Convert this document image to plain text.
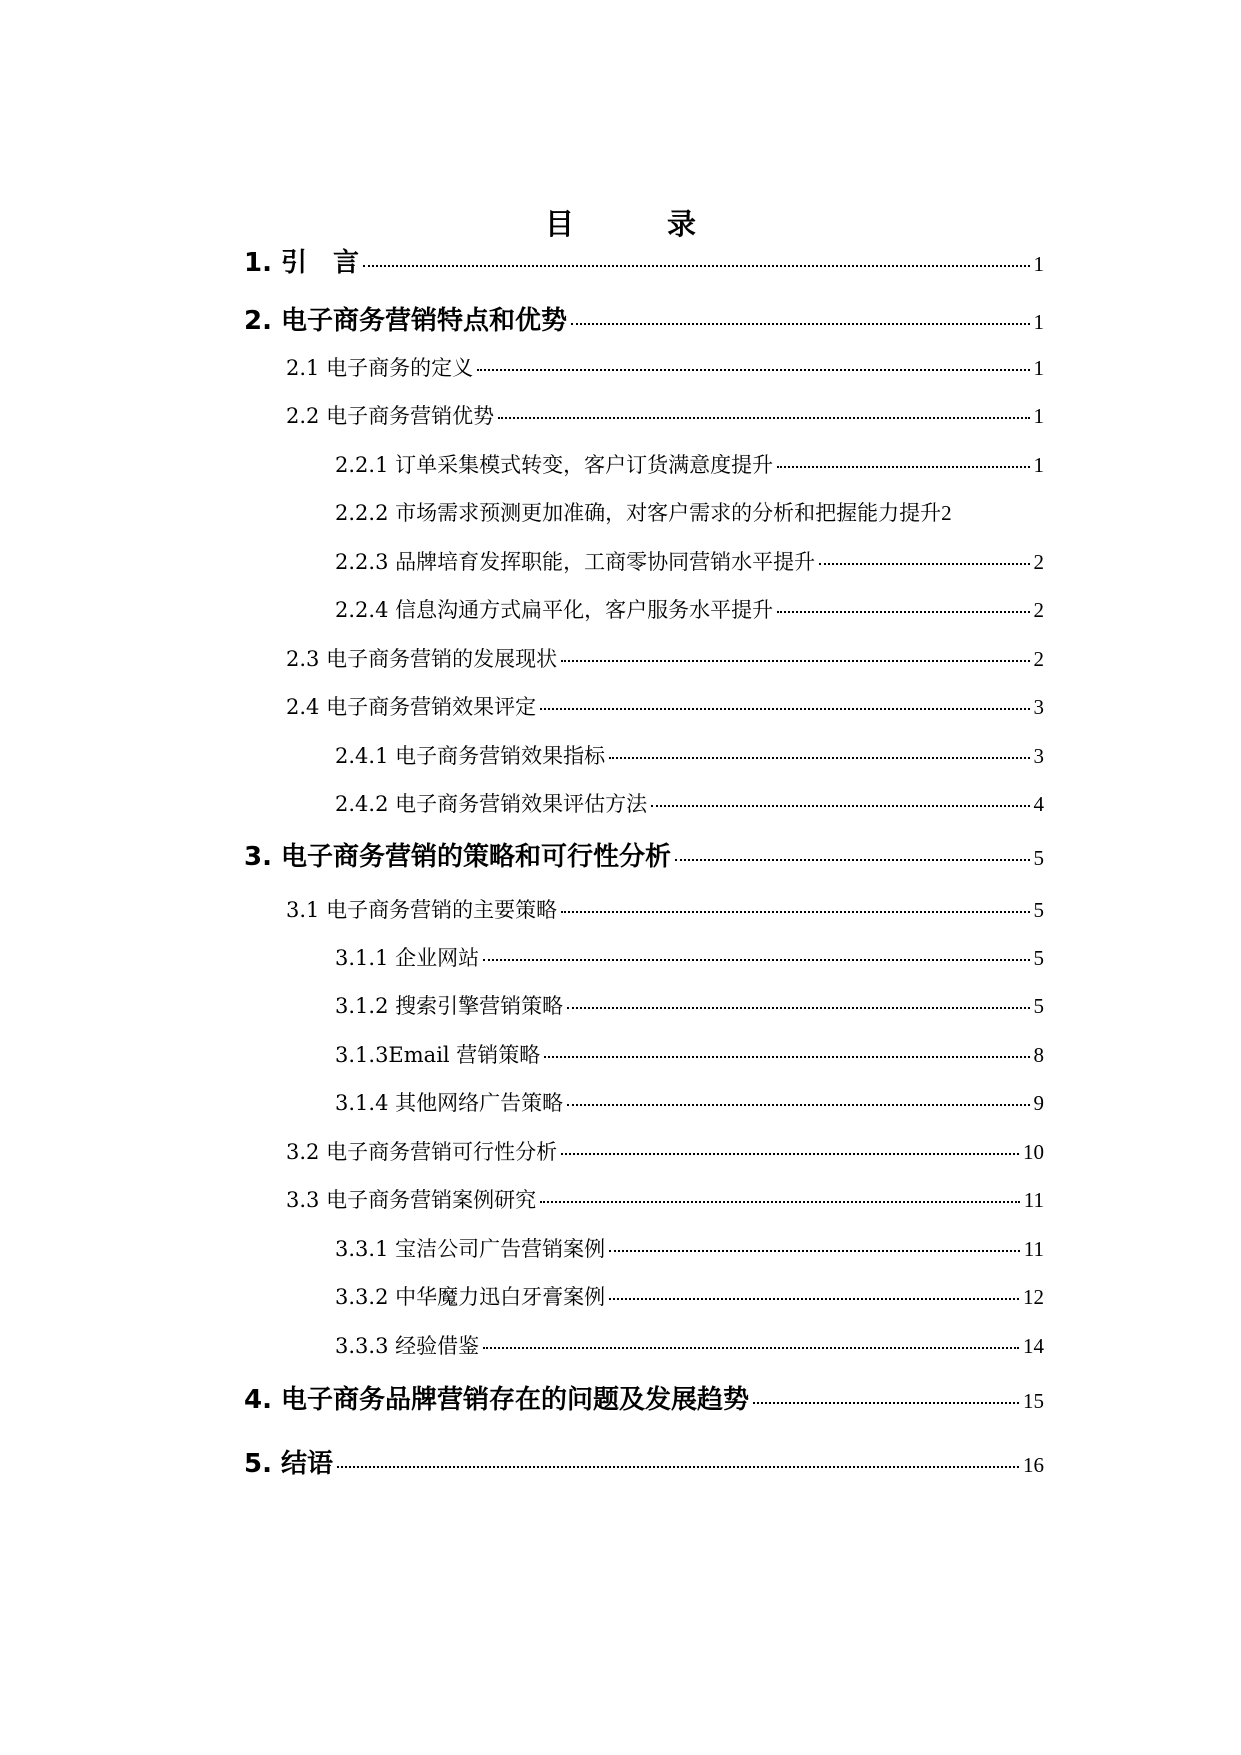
目　录
1. 引　言	1
2. 电子商务营销特点和优势	1
2.1 电子商务的定义	1
2.2 电子商务营销优势	1
2.2.1 订单采集模式转变，客户订货满意度提升	1
2.2.2 市场需求预测更加准确，对客户需求的分析和把握能力提升 2
2.2.3 品牌培育发挥职能，工商零协同营销水平提升	2
2.2.4 信息沟通方式扁平化，客户服务水平提升	2
2.3 电子商务营销的发展现状	2
2.4 电子商务营销效果评定	3
2.4.1 电子商务营销效果指标	3
2.4.2 电子商务营销效果评估方法	4
3. 电子商务营销的策略和可行性分析	5
3.1 电子商务营销的主要策略	5
3.1.1 企业网站	5
3.1.2 搜索引擎营销策略	5
3.1.3Email 营销策略	8
3.1.4 其他网络广告策略	9
3.2 电子商务营销可行性分析	10
3.3 电子商务营销案例研究	11
3.3.1 宝洁公司广告营销案例	11
3.3.2 中华魔力迅白牙膏案例	12
3.3.3 经验借鉴	14
4. 电子商务品牌营销存在的问题及发展趋势	15
5. 结语	16
